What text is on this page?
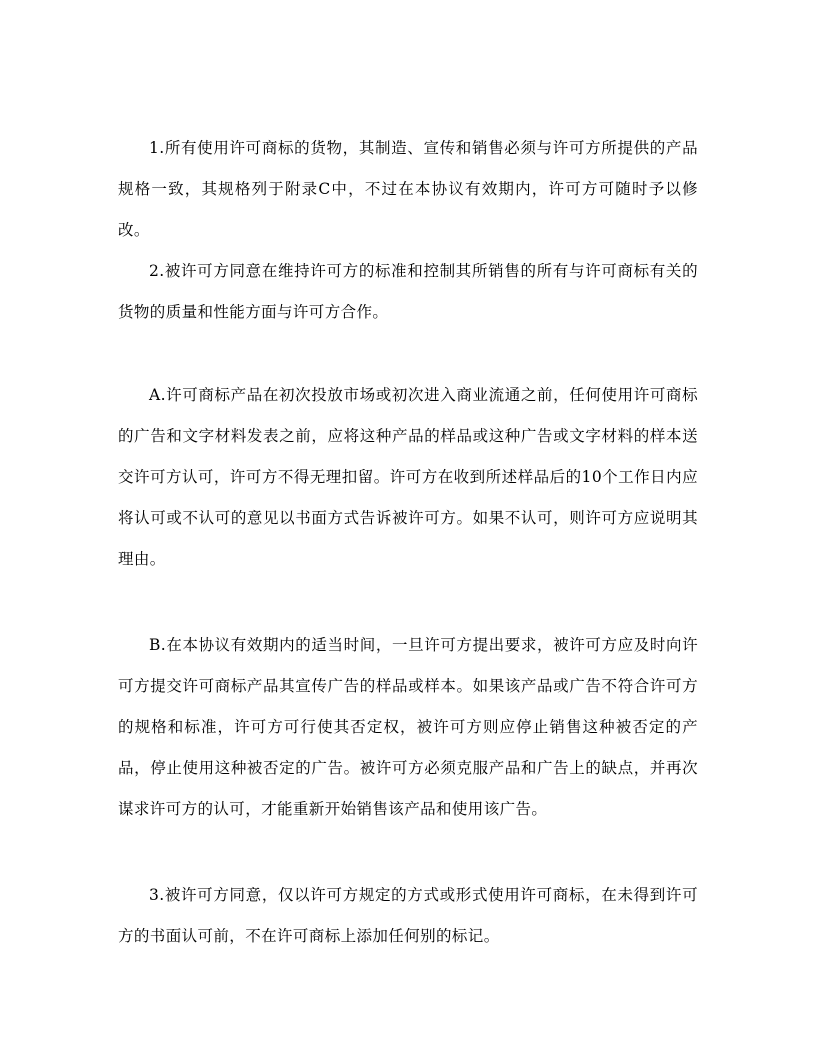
1.所有使用许可商标的货物，其制造、宣传和销售必须与许可方所提供的产品规格一致，其规格列于附录C中，不过在本协议有效期内，许可方可随时予以修改。

2.被许可方同意在维持许可方的标准和控制其所销售的所有与许可商标有关的货物的质量和性能方面与许可方合作。

A.许可商标产品在初次投放市场或初次进入商业流通之前，任何使用许可商标的广告和文字材料发表之前，应将这种产品的样品或这种广告或文字材料的样本送交许可方认可，许可方不得无理扣留。许可方在收到所述样品后的10个工作日内应将认可或不认可的意见以书面方式告诉被许可方。如果不认可，则许可方应说明其理由。

B.在本协议有效期内的适当时间，一旦许可方提出要求，被许可方应及时向许可方提交许可商标产品其宣传广告的样品或样本。如果该产品或广告不符合许可方的规格和标准，许可方可行使其否定权，被许可方则应停止销售这种被否定的产品，停止使用这种被否定的广告。被许可方必须克服产品和广告上的缺点，并再次谋求许可方的认可，才能重新开始销售该产品和使用该广告。

3.被许可方同意，仅以许可方规定的方式或形式使用许可商标，在未得到许可方的书面认可前，不在许可商标上添加任何别的标记。
